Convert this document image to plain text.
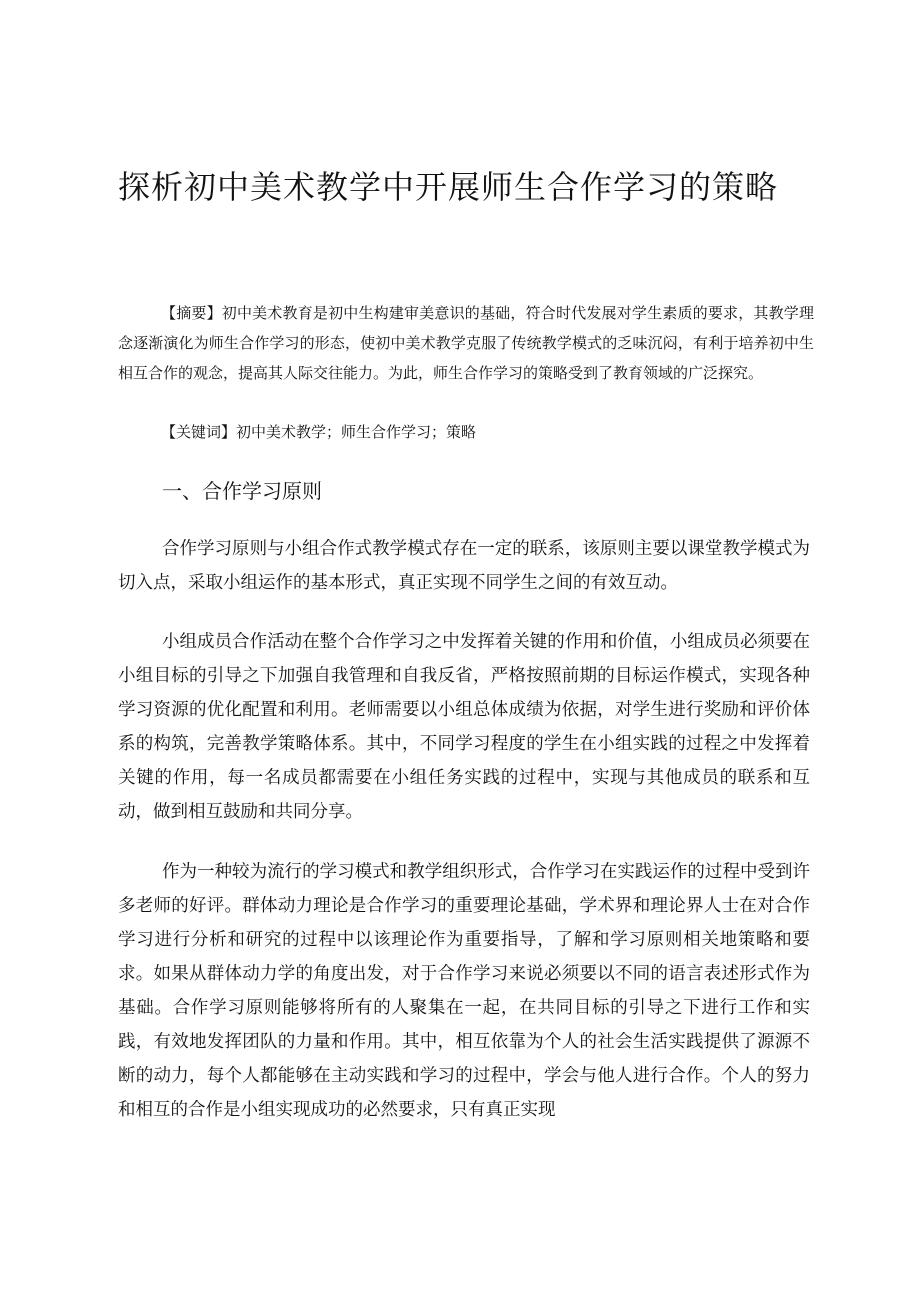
探析初中美术教学中开展师生合作学习的策略

【摘要】初中美术教育是初中生构建审美意识的基础，符合时代发展对学生素质的要求，其教学理念逐渐演化为师生合作学习的形态，使初中美术教学克服了传统教学模式的乏味沉闷，有利于培养初中生相互合作的观念，提高其人际交往能力。为此，师生合作学习的策略受到了教育领域的广泛探究。

【关键词】初中美术教学；师生合作学习；策略

一、合作学习原则

合作学习原则与小组合作式教学模式存在一定的联系，该原则主要以课堂教学模式为切入点，采取小组运作的基本形式，真正实现不同学生之间的有效互动。

小组成员合作活动在整个合作学习之中发挥着关键的作用和价值，小组成员必须要在小组目标的引导之下加强自我管理和自我反省，严格按照前期的目标运作模式，实现各种学习资源的优化配置和利用。老师需要以小组总体成绩为依据，对学生进行奖励和评价体系的构筑，完善教学策略体系。其中，不同学习程度的学生在小组实践的过程之中发挥着关键的作用，每一名成员都需要在小组任务实践的过程中，实现与其他成员的联系和互动，做到相互鼓励和共同分享。

作为一种较为流行的学习模式和教学组织形式，合作学习在实践运作的过程中受到许多老师的好评。群体动力理论是合作学习的重要理论基础，学术界和理论界人士在对合作学习进行分析和研究的过程中以该理论作为重要指导，了解和学习原则相关地策略和要求。如果从群体动力学的角度出发，对于合作学习来说必须要以不同的语言表述形式作为基础。合作学习原则能够将所有的人聚集在一起，在共同目标的引导之下进行工作和实践，有效地发挥团队的力量和作用。其中，相互依靠为个人的社会生活实践提供了源源不断的动力，每个人都能够在主动实践和学习的过程中，学会与他人进行合作。个人的努力和相互的合作是小组实现成功的必然要求，只有真正实现
